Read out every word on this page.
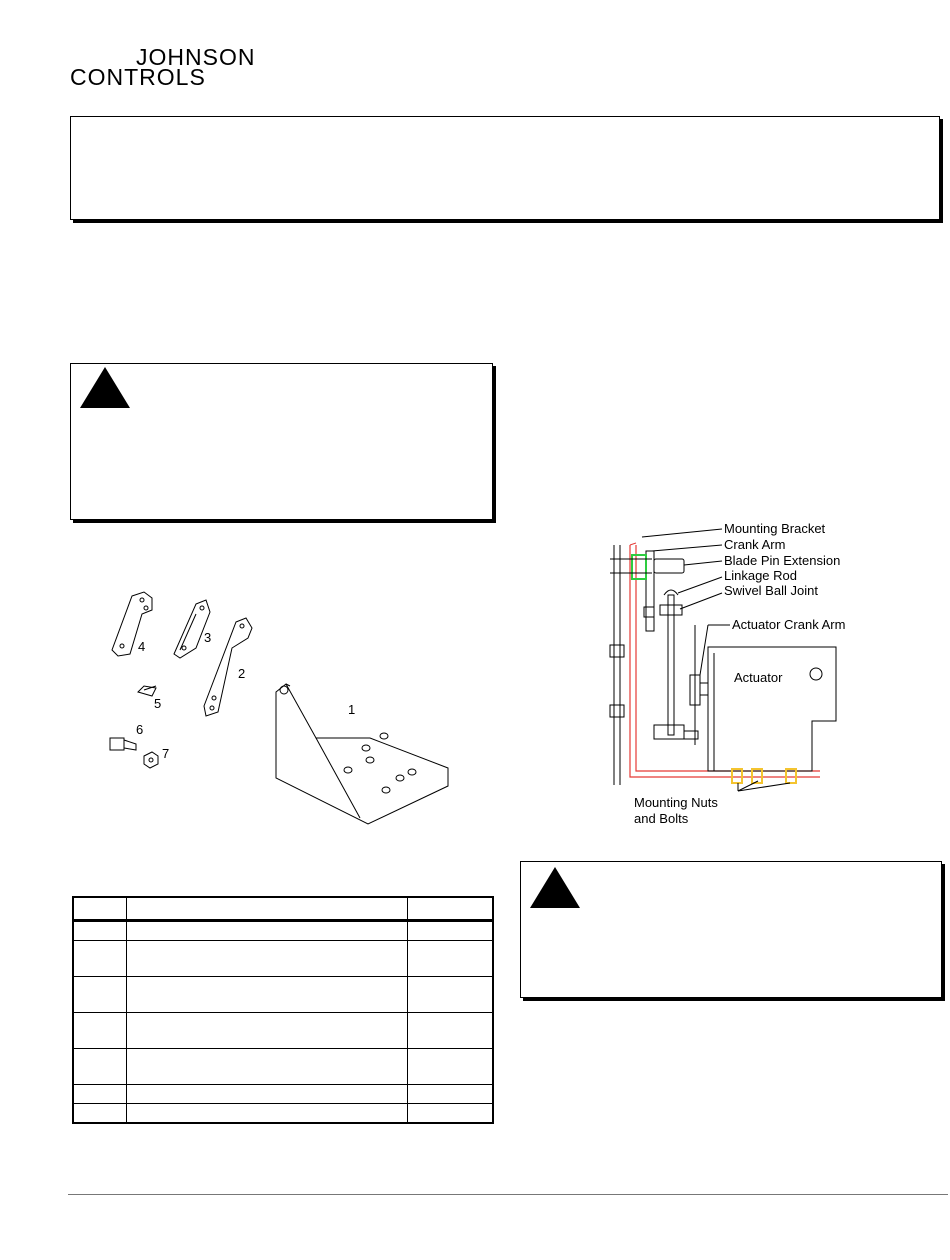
JOHNSON
CONTROLS
4
3
2
5
6
7
1
Mounting Bracket
Crank Arm
Blade Pin Extension
Linkage Rod
Swivel Ball Joint
Actuator Crank Arm
Actuator
Mounting Nuts
and Bolts
